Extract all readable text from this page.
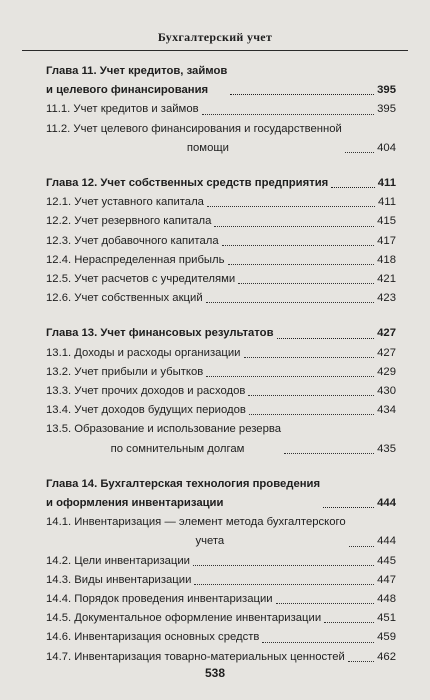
Бухгалтерский учет
Глава 11. Учет кредитов, займов
и целевого финансирования	395
11.1. Учет кредитов и займов	395
11.2. Учет целевого финансирования и государственной
помощи	404
Глава 12. Учет собственных средств предприятия	411
12.1. Учет уставного капитала	411
12.2. Учет резервного капитала	415
12.3. Учет добавочного капитала	417
12.4. Нераспределенная прибыль	418
12.5. Учет расчетов с учредителями	421
12.6. Учет собственных акций	423
Глава 13. Учет финансовых результатов	427
13.1. Доходы и расходы организации	427
13.2. Учет прибыли и убытков	429
13.3. Учет прочих доходов и расходов	430
13.4. Учет доходов будущих периодов	434
13.5. Образование и использование резерва
по сомнительным долгам	435
Глава 14. Бухгалтерская технология проведения
и оформления инвентаризации	444
14.1. Инвентаризация — элемент метода бухгалтерского
учета	444
14.2. Цели инвентаризации	445
14.3. Виды инвентаризации	447
14.4. Порядок проведения инвентаризации	448
14.5. Документальное оформление инвентаризации	451
14.6. Инвентаризация основных средств	459
14.7. Инвентаризация товарно-материальных ценностей	462
538
